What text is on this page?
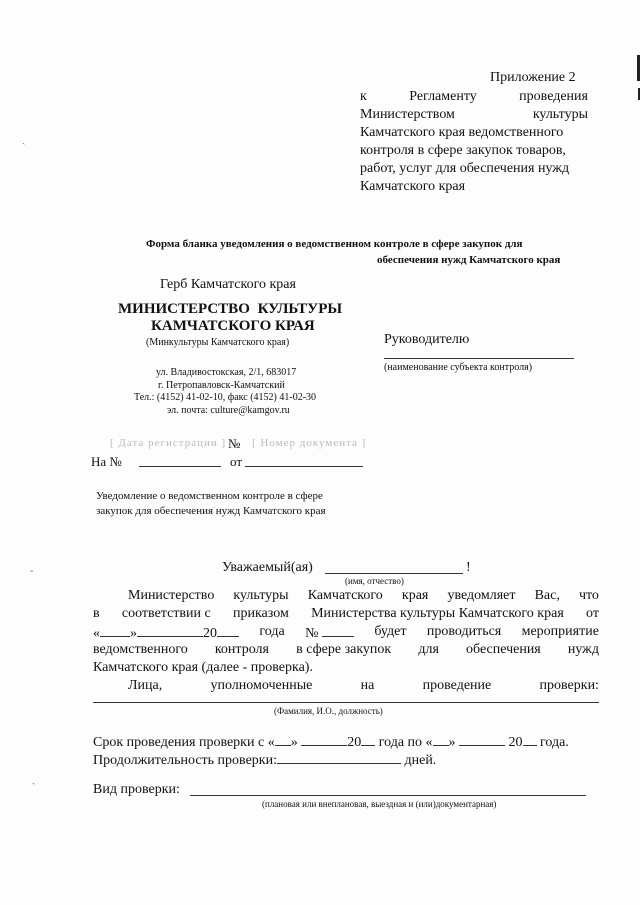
˴
‐
˴
Приложение 2
к	Регламенту	проведения
Министерством	культуры
Камчатского края ведомственного
контроля в сфере закупок товаров,
работ, услуг для обеспечения нужд
Камчатского края
Форма бланка уведомления о ведомственном контроле в сфере закупок для
обеспечения нужд Камчатского края
Герб Камчатского края
МИНИСТЕРСТВО КУЛЬТУРЫ
КАМЧАТСКОГО КРАЯ
(Минкультуры Камчатского края)
ул. Владивостокская, 2/1, 683017
г. Петропавловск-Камчатский
Тел.: (4152) 41-02-10, факс (4152) 41-02-30
эл. почта: culture@kamgov.ru
[ Дата регистрации ] № [ Номер документа ]
На №	от
Руководителю
(наименование субъекта контроля)
Уведомление о ведомственном контроле в сфере
закупок для обеспечения нужд Камчатского края
Уважаемый(ая)	!
(имя, отчество)
Министерство культуры Камчатского края уведомляет Вас, что
в соответствии с приказом Министерства культуры Камчатского края от
« »	20	года №	будет проводиться мероприятие
ведомственного контроля в сфере закупок для обеспечения нужд
Камчатского края (далее - проверка).
Лица,	уполномоченные	на	проведение	проверки:
(Фамилия, И.О., должность)
Срок проведения проверки с « »	20 года по « »	20 года.
Продолжительность проверки:	дней.
Вид проверки:
(плановая или внеплановая, выездная и (или)документарная)
